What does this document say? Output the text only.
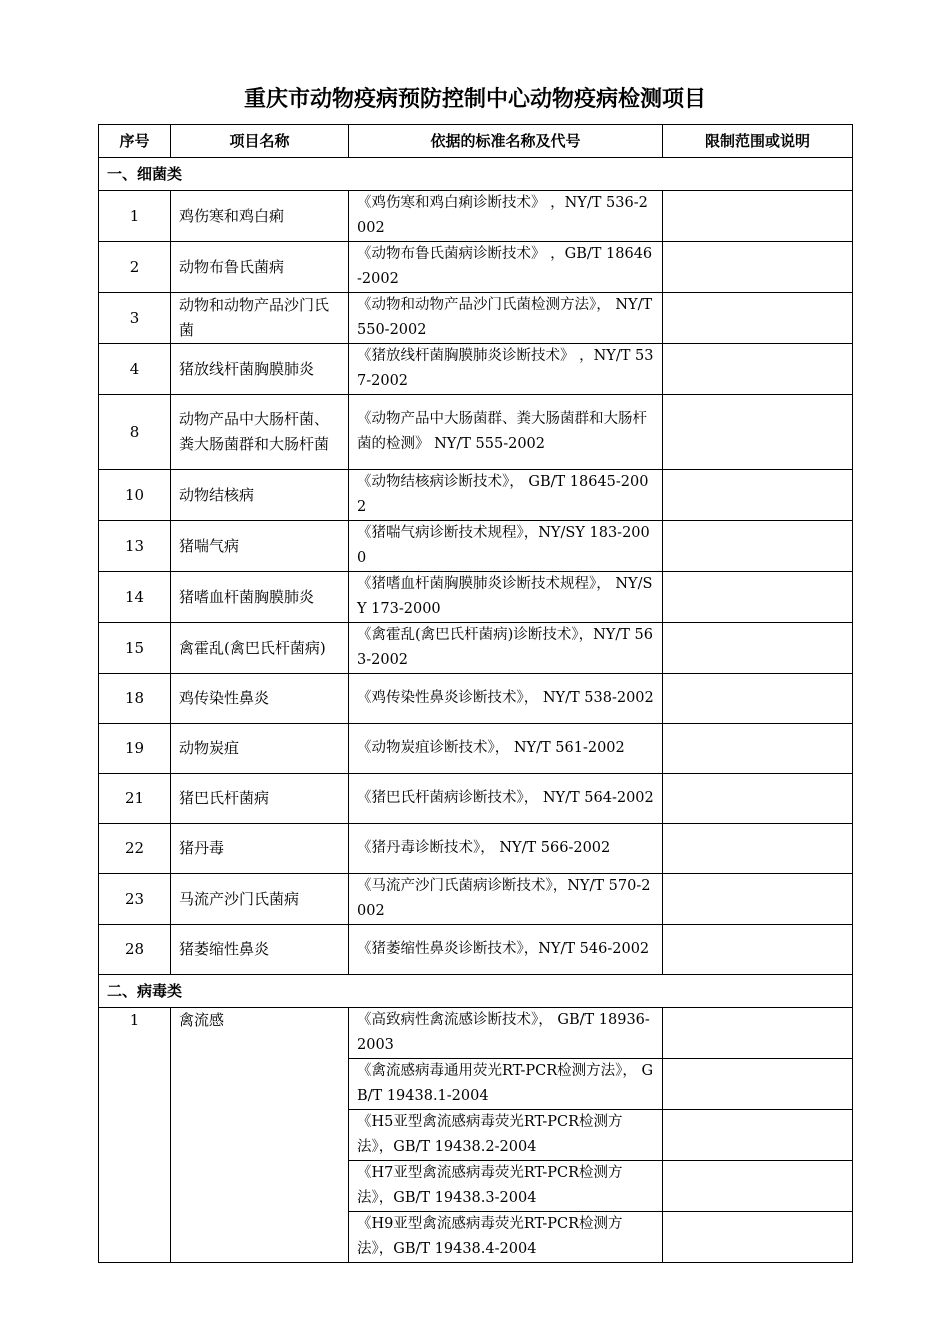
重庆市动物疫病预防控制中心动物疫病检测项目
序号	项目名称	依据的标准名称及代号	限制范围或说明
一、细菌类			
1	鸡伤寒和鸡白痢	《鸡伤寒和鸡白痢诊断技术》 ，NY/T 536-2002	
2	动物布鲁氏菌病	《动物布鲁氏菌病诊断技术》 ，GB/T 18646-2002	
3	动物和动物产品沙门氏菌	《动物和动物产品沙门氏菌检测方法》， NY/T 550-2002	
4	猪放线杆菌胸膜肺炎	《猪放线杆菌胸膜肺炎诊断技术》 ，NY/T 537-2002	
8	动物产品中大肠杆菌、粪大肠菌群和大肠杆菌	《动物产品中大肠菌群、粪大肠菌群和大肠杆菌的检测》 NY/T 555-2002	
10	动物结核病	《动物结核病诊断技术》， GB/T 18645-2002	
13	猪喘气病	《猪喘气病诊断技术规程》，NY/SY 183-2000	
14	猪嗜血杆菌胸膜肺炎	《猪嗜血杆菌胸膜肺炎诊断技术规程》， NY/SY 173-2000	
15	禽霍乱(禽巴氏杆菌病)	《禽霍乱(禽巴氏杆菌病)诊断技术》，NY/T 563-2002	
18	鸡传染性鼻炎	《鸡传染性鼻炎诊断技术》， NY/T 538-2002	
19	动物炭疽	《动物炭疽诊断技术》， NY/T 561-2002	
21	猪巴氏杆菌病	《猪巴氏杆菌病诊断技术》， NY/T 564-2002	
22	猪丹毒	《猪丹毒诊断技术》， NY/T 566-2002	
23	马流产沙门氏菌病	《马流产沙门氏菌病诊断技术》，NY/T 570-2002	
28	猪萎缩性鼻炎	《猪萎缩性鼻炎诊断技术》，NY/T 546-2002	
二、病毒类			
1	禽流感	《高致病性禽流感诊断技术》， GB/T 18936-2003	
		《禽流感病毒通用荧光RT-PCR检测方法》， GB/T 19438.1-2004	
		《H5亚型禽流感病毒荧光RT-PCR检测方法》，GB/T 19438.2-2004	
		《H7亚型禽流感病毒荧光RT-PCR检测方法》，GB/T 19438.3-2004	
		《H9亚型禽流感病毒荧光RT-PCR检测方法》，GB/T 19438.4-2004	
